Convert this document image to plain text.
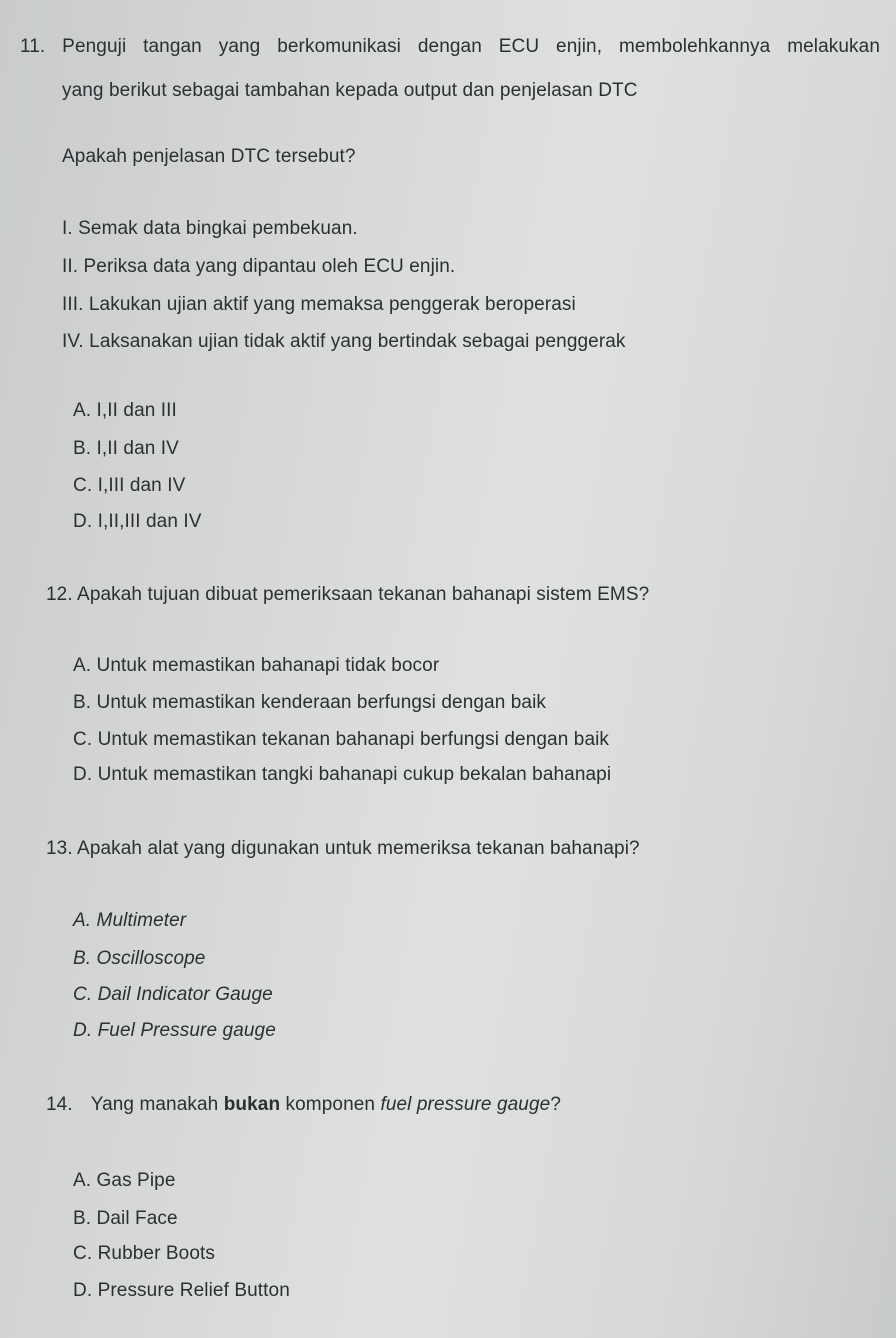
11. Penguji tangan yang berkomunikasi dengan ECU enjin, membolehkannya melakukan
yang berikut sebagai tambahan kepada output dan penjelasan DTC
Apakah penjelasan DTC tersebut?
I. Semak data bingkai pembekuan.
II. Periksa data yang dipantau oleh ECU enjin.
III. Lakukan ujian aktif yang memaksa penggerak beroperasi
IV. Laksanakan ujian tidak aktif yang bertindak sebagai penggerak
A. I,II dan III
B. I,II dan IV
C. I,III dan IV
D. I,II,III dan IV
12. Apakah tujuan dibuat pemeriksaan tekanan bahanapi sistem EMS?
A. Untuk memastikan bahanapi tidak bocor
B. Untuk memastikan kenderaan berfungsi dengan baik
C. Untuk memastikan tekanan bahanapi berfungsi dengan baik
D. Untuk memastikan tangki bahanapi cukup bekalan bahanapi
13. Apakah alat yang digunakan untuk memeriksa tekanan bahanapi?
A. Multimeter
B. Oscilloscope
C. Dail Indicator Gauge
D. Fuel Pressure gauge
14. Yang manakah bukan komponen fuel pressure gauge?
A. Gas Pipe
B. Dail Face
C. Rubber Boots
D. Pressure Relief Button
